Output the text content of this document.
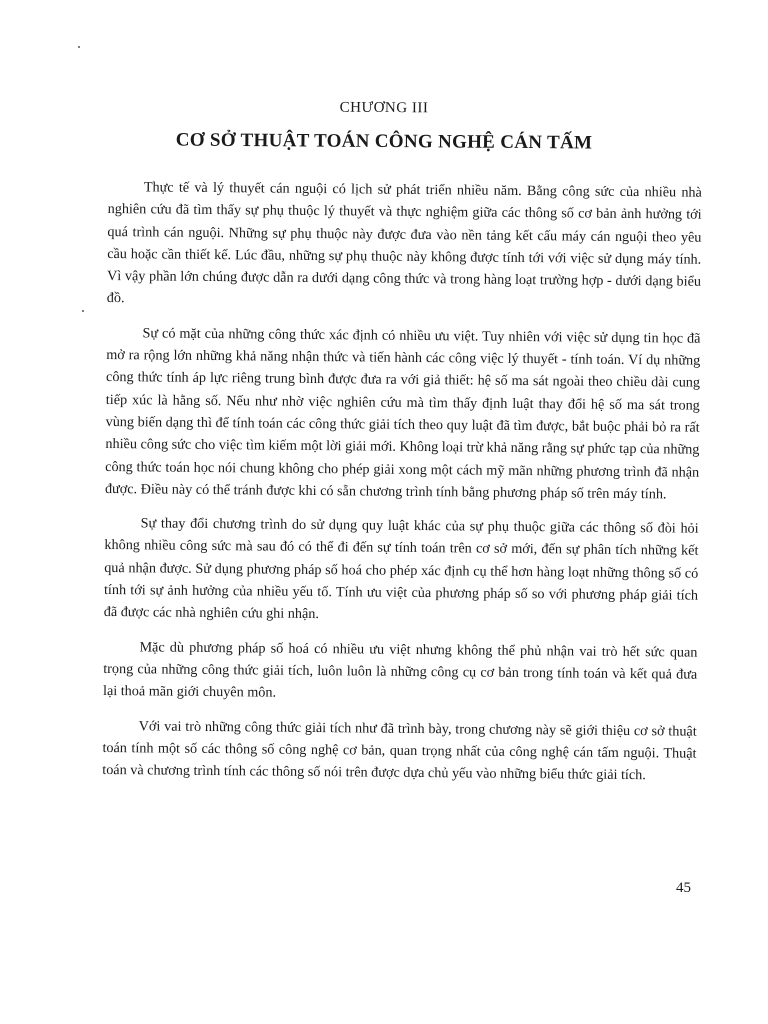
CHƯƠNG III
CƠ SỞ THUẬT TOÁN CÔNG NGHỆ CÁN TẤM

Thực tế và lý thuyết cán nguội có lịch sử phát triển nhiều năm. Bằng công sức của nhiều nhà nghiên cứu đã tìm thấy sự phụ thuộc lý thuyết và thực nghiệm giữa các thông số cơ bản ảnh hưởng tới quá trình cán nguội. Những sự phụ thuộc này được đưa vào nền tảng kết cấu máy cán nguội theo yêu cầu hoặc cần thiết kế. Lúc đầu, những sự phụ thuộc này không được tính tới với việc sử dụng máy tính. Vì vậy phần lớn chúng được dẫn ra dưới dạng công thức và trong hàng loạt trường hợp - dưới dạng biểu đồ.

Sự có mặt của những công thức xác định có nhiều ưu việt. Tuy nhiên với việc sử dụng tin học đã mở ra rộng lớn những khả năng nhận thức và tiến hành các công việc lý thuyết - tính toán. Ví dụ những công thức tính áp lực riêng trung bình được đưa ra với giả thiết: hệ số ma sát ngoài theo chiều dài cung tiếp xúc là hằng số. Nếu như nhờ việc nghiên cứu mà tìm thấy định luật thay đổi hệ số ma sát trong vùng biến dạng thì để tính toán các công thức giải tích theo quy luật đã tìm được, bắt buộc phải bỏ ra rất nhiều công sức cho việc tìm kiếm một lời giải mới. Không loại trừ khả năng rằng sự phức tạp của những công thức toán học nói chung không cho phép giải xong một cách mỹ mãn những phương trình đã nhận được. Điều này có thể tránh được khi có sẵn chương trình tính bằng phương pháp số trên máy tính.

Sự thay đổi chương trình do sử dụng quy luật khác của sự phụ thuộc giữa các thông số đòi hỏi không nhiều công sức mà sau đó có thể đi đến sự tính toán trên cơ sở mới, đến sự phân tích những kết quả nhận được. Sử dụng phương pháp số hoá cho phép xác định cụ thể hơn hàng loạt những thông số có tính tới sự ảnh hưởng của nhiều yếu tố. Tính ưu việt của phương pháp số so với phương pháp giải tích đã được các nhà nghiên cứu ghi nhận.

Mặc dù phương pháp số hoá có nhiều ưu việt nhưng không thể phủ nhận vai trò hết sức quan trọng của những công thức giải tích, luôn luôn là những công cụ cơ bản trong tính toán và kết quả đưa lại thoả mãn giới chuyên môn.

Với vai trò những công thức giải tích như đã trình bày, trong chương này sẽ giới thiệu cơ sở thuật toán tính một số các thông số công nghệ cơ bản, quan trọng nhất của công nghệ cán tấm nguội. Thuật toán và chương trình tính các thông số nói trên được dựa chủ yếu vào những biểu thức giải tích.

45
